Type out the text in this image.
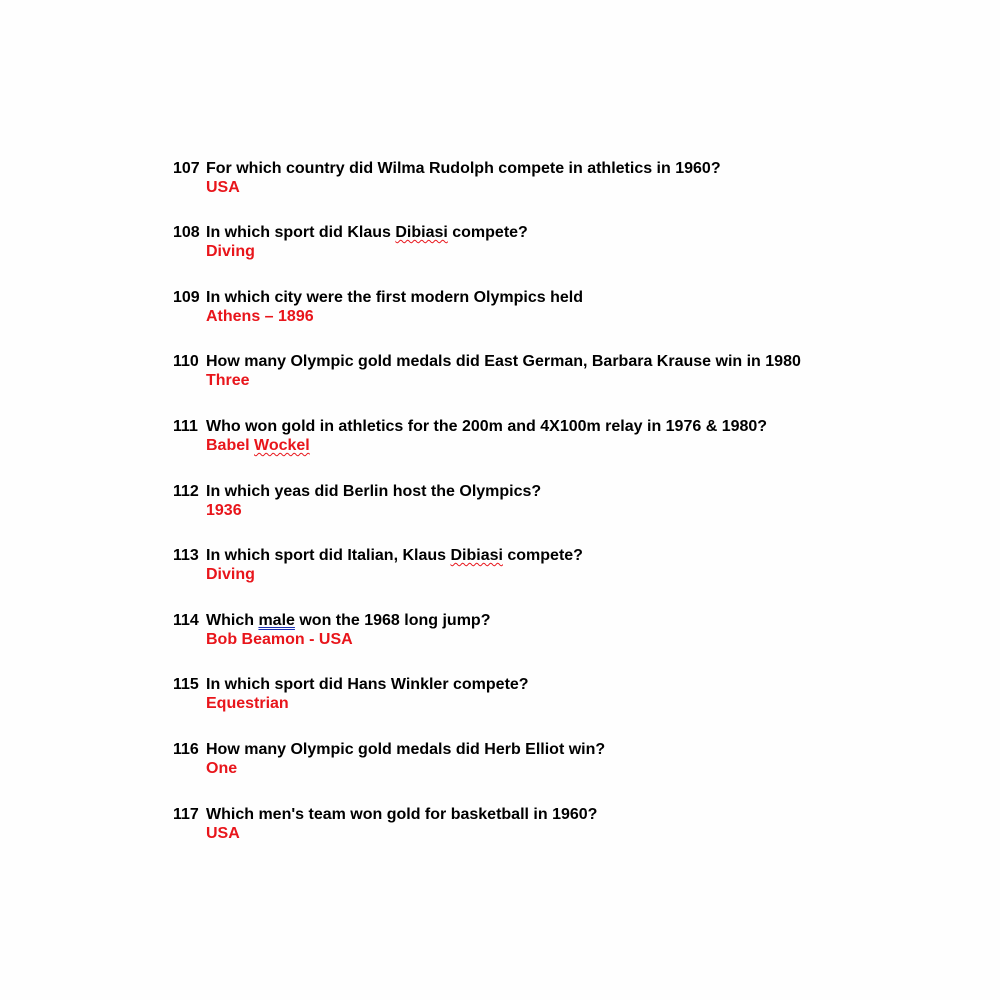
107 For which country did Wilma Rudolph compete in athletics in 1960?
USA
108 In which sport did Klaus Dibiasi compete?
Diving
109 In which city were the first modern Olympics held
Athens – 1896
110 How many Olympic gold medals did East German, Barbara Krause win in 1980
Three
111 Who won gold in athletics for the 200m and 4X100m relay in 1976 & 1980?
Babel Wockel
112 In which yeas did Berlin host the Olympics?
1936
113 In which sport did Italian, Klaus Dibiasi compete?
Diving
114 Which male won the 1968 long jump?
Bob Beamon - USA
115 In which sport did Hans Winkler compete?
Equestrian
116 How many Olympic gold medals did Herb Elliot win?
One
117 Which men's team won gold for basketball in 1960?
USA
